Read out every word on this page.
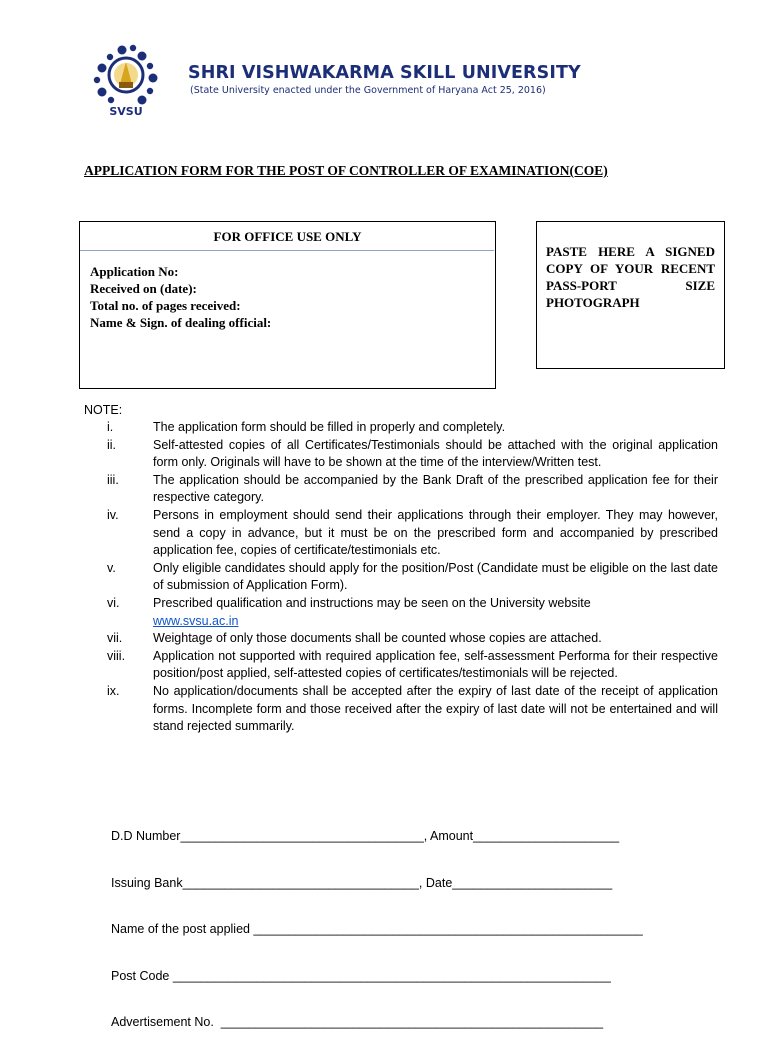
SVSU
SHRI VISHWAKARMA SKILL UNIVERSITY
(State University enacted under the Government of Haryana Act 25, 2016)
APPLICATION FORM FOR THE POST OF CONTROLLER OF EXAMINATION(COE)
FOR OFFICE USE ONLY
Application No:
Received on (date):
Total no. of pages received:
Name & Sign. of dealing official:
PASTE HERE A SIGNED COPY OF YOUR RECENT PASS-PORT SIZE PHOTOGRAPH
NOTE:
i.	The application form should be filled in properly and completely.
ii.	Self-attested copies of all Certificates/Testimonials should be attached with the original application form only. Originals will have to be shown at the time of the interview/Written test.
iii.	The application should be accompanied by the Bank Draft of the prescribed application fee for their respective category.
iv.	Persons in employment should send their applications through their employer. They may however, send a copy in advance, but it must be on the prescribed form and accompanied by prescribed application fee, copies of certificate/testimonials etc.
v.	Only eligible candidates should apply for the position/Post (Candidate must be eligible on the last date of submission of Application Form).
vi.	Prescribed qualification and instructions may be seen on the University website
www.svsu.ac.in
vii. Weightage of only those documents shall be counted whose copies are attached.
viii. Application not supported with required application fee, self-assessment Performa for their respective position/post applied, self-attested copies of certificates/testimonials will be rejected.
ix.	No application/documents shall be accepted after the expiry of last date of the receipt of application forms. Incomplete form and those received after the expiry of last date will not be entertained and will stand rejected summarily.

D.D Number___________________________________, Amount_____________________

Issuing Bank__________________________________, Date_______________________

Name of the post applied ________________________________________________________

Post Code _______________________________________________________________

Advertisement No.  _______________________________________________________
